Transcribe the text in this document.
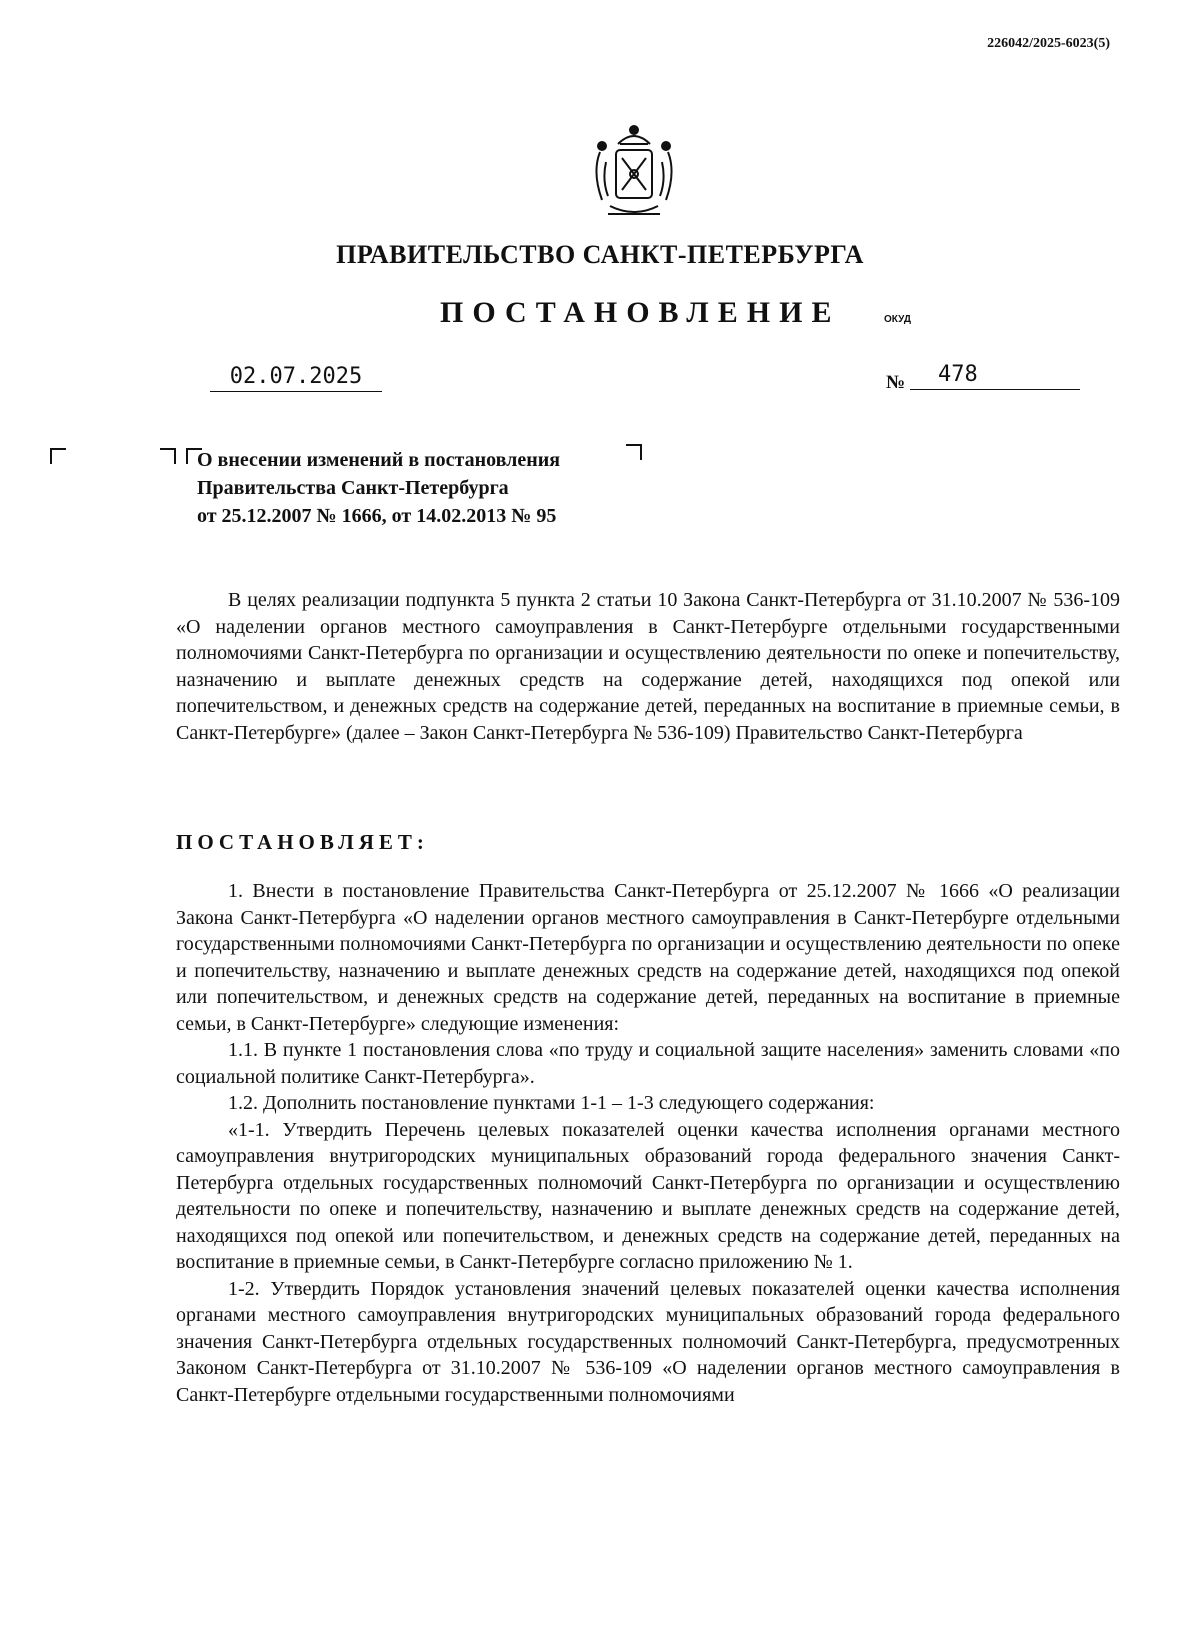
226042/2025-6023(5)
ПРАВИТЕЛЬСТВО САНКТ-ПЕТЕРБУРГА
ПОСТАНОВЛЕНИЕ	ОКУД
02.07.2025	№	478
О внесении изменений в постановления
Правительства Санкт-Петербурга
от 25.12.2007 № 1666, от 14.02.2013 № 95

В целях реализации подпункта 5 пункта 2 статьи 10 Закона Санкт-Петербурга от 31.10.2007 № 536-109 «О наделении органов местного самоуправления в Санкт-Петербурге отдельными государственными полномочиями Санкт-Петербурга по организации и осуществлению деятельности по опеке и попечительству, назначению и выплате денежных средств на содержание детей, находящихся под опекой или попечительством, и денежных средств на содержание детей, переданных на воспитание в приемные семьи, в Санкт-Петербурге» (далее – Закон Санкт-Петербурга № 536-109) Правительство Санкт-Петербурга

ПОСТАНОВЛЯЕТ:

1. Внести в постановление Правительства Санкт-Петербурга от 25.12.2007 № 1666 «О реализации Закона Санкт-Петербурга «О наделении органов местного самоуправления в Санкт-Петербурге отдельными государственными полномочиями Санкт-Петербурга по организации и осуществлению деятельности по опеке и попечительству, назначению и выплате денежных средств на содержание детей, находящихся под опекой или попечительством, и денежных средств на содержание детей, переданных на воспитание в приемные семьи, в Санкт-Петербурге» следующие изменения:

1.1. В пункте 1 постановления слова «по труду и социальной защите населения» заменить словами «по социальной политике Санкт-Петербурга».

1.2. Дополнить постановление пунктами 1-1 – 1-3 следующего содержания:

«1-1. Утвердить Перечень целевых показателей оценки качества исполнения органами местного самоуправления внутригородских муниципальных образований города федерального значения Санкт-Петербурга отдельных государственных полномочий Санкт-Петербурга по организации и осуществлению деятельности по опеке и попечительству, назначению и выплате денежных средств на содержание детей, находящихся под опекой или попечительством, и денежных средств на содержание детей, переданных на воспитание в приемные семьи, в Санкт-Петербурге согласно приложению № 1.

1-2. Утвердить Порядок установления значений целевых показателей оценки качества исполнения органами местного самоуправления внутригородских муниципальных образований города федерального значения Санкт-Петербурга отдельных государственных полномочий Санкт-Петербурга, предусмотренных Законом Санкт-Петербурга от 31.10.2007 № 536-109 «О наделении органов местного самоуправления в Санкт-Петербурге отдельными государственными полномочиями
